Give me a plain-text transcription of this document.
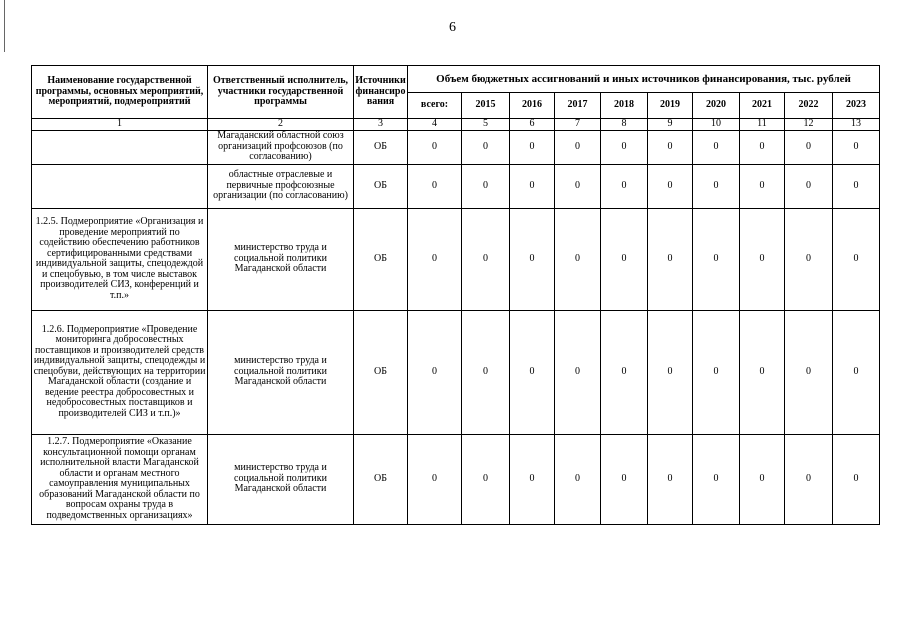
6
Наименование государственной программы, основных мероприятий, мероприятий, подмероприятий	Ответственный исполнитель, участники государственной программы	Источники финансиро вания	Объем бюджетных ассигнований и иных источников финансирования, тыс. рублей									
			всего:	2015	2016	2017	2018	2019	2020	2021	2022	2023
1	2	3	4	5	6	7	8	9	10	11	12	13
	Магаданский областной союз организаций профсоюзов (по согласованию)	ОБ	0	0	0	0	0	0	0	0	0	0
	областные отраслевые и первичные профсоюзные организации (по согласованию)	ОБ	0	0	0	0	0	0	0	0	0	0
1.2.5. Подмероприятие «Организация и проведение мероприятий по содействию обеспечению работников сертифицированными средствами индивидуальной защиты, спецодеждой и спецобувью, в том числе выставок производителей СИЗ, конференций и т.п.»	министерство труда и социальной политики Магаданской области	ОБ	0	0	0	0	0	0	0	0	0	0
1.2.6. Подмероприятие «Проведение мониторинга добросовестных поставщиков и производителей средств индивидуальной защиты, спецодежды и спецобуви, действующих на территории Магаданской области (создание и ведение реестра добросовестных и недобросовестных поставщиков и производителей СИЗ и т.п.)»	министерство труда и социальной политики Магаданской области	ОБ	0	0	0	0	0	0	0	0	0	0
1.2.7. Подмероприятие «Оказание консультационной помощи органам исполнительной власти Магаданской области и органам местного самоуправления муниципальных образований Магаданской области по вопросам охраны труда в подведомственных организациях»	министерство труда и социальной политики Магаданской области	ОБ	0	0	0	0	0	0	0	0	0	0
